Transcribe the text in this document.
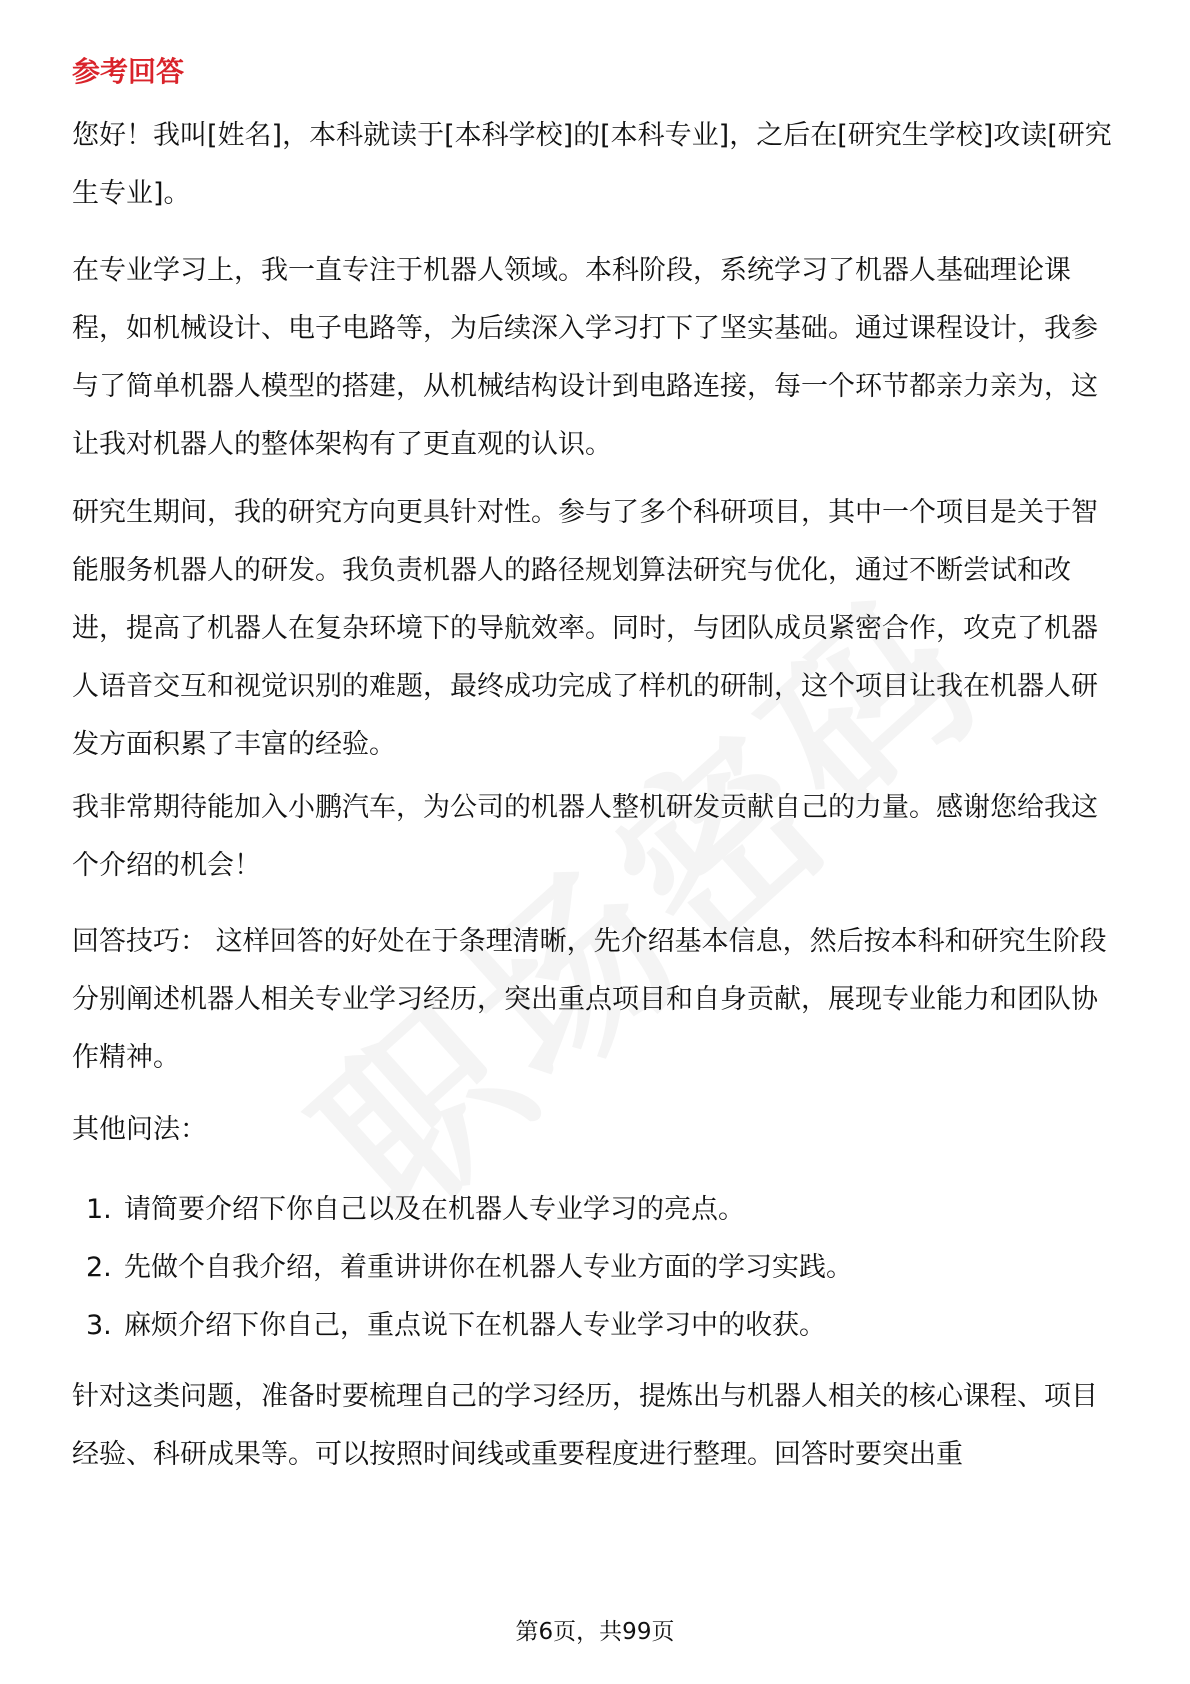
参考回答

您好！我叫[姓名]，本科就读于[本科学校]的[本科专业]，之后在[研究生学校]攻读[研究生专业]。

在专业学习上，我一直专注于机器人领域。本科阶段，系统学习了机器人基础理论课程，如机械设计、电子电路等，为后续深入学习打下了坚实基础。通过课程设计，我参与了简单机器人模型的搭建，从机械结构设计到电路连接，每一个环节都亲力亲为，这让我对机器人的整体架构有了更直观的认识。

研究生期间，我的研究方向更具针对性。参与了多个科研项目，其中一个项目是关于智能服务机器人的研发。我负责机器人的路径规划算法研究与优化，通过不断尝试和改进，提高了机器人在复杂环境下的导航效率。同时，与团队成员紧密合作，攻克了机器人语音交互和视觉识别的难题，最终成功完成了样机的研制，这个项目让我在机器人研发方面积累了丰富的经验。

我非常期待能加入小鹏汽车，为公司的机器人整机研发贡献自己的力量。感谢您给我这个介绍的机会！

回答技巧： 这样回答的好处在于条理清晰，先介绍基本信息，然后按本科和研究生阶段分别阐述机器人相关专业学习经历，突出重点项目和自身贡献，展现专业能力和团队协作精神。

其他问法：

1. 请简要介绍下你自己以及在机器人专业学习的亮点。
2. 先做个自我介绍，着重讲讲你在机器人专业方面的学习实践。
3. 麻烦介绍下你自己，重点说下在机器人专业学习中的收获。

针对这类问题，准备时要梳理自己的学习经历，提炼出与机器人相关的核心课程、项目经验、科研成果等。可以按照时间线或重要程度进行整理。回答时要突出重

第6页，共99页
